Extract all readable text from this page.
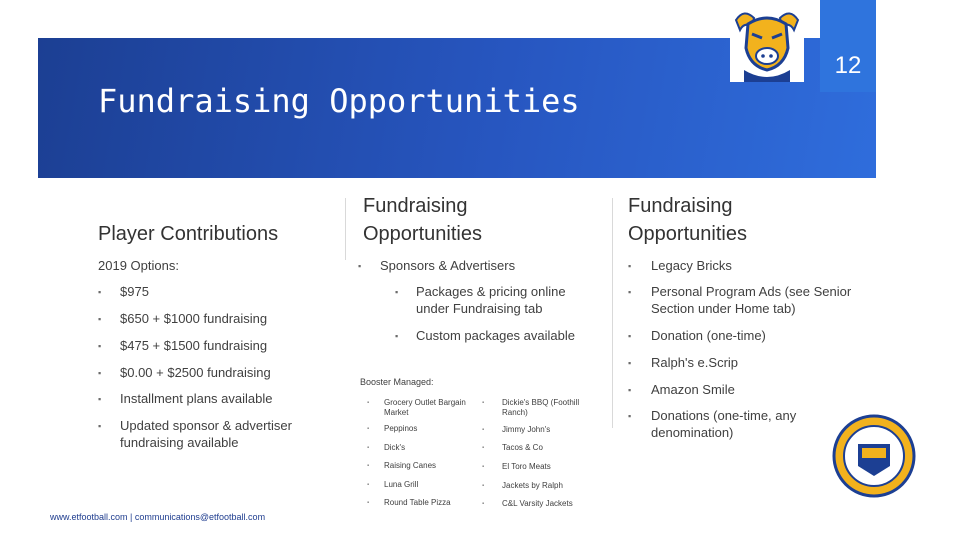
12
Fundraising Opportunities
Player Contributions
2019 Options:
▪ $975
▪ $650 + $1000 fundraising
▪ $475 + $1500 fundraising
▪ $0.00 + $2500 fundraising
▪ Installment plans available
▪ Updated sponsor & advertiser fundraising available
Fundraising Opportunities
▪ Sponsors & Advertisers
▪ Packages & pricing online under Fundraising tab
▪ Custom packages available
Booster Managed:
▪ Grocery Outlet Bargain Market
▪ Peppinos
▪ Dick's
▪ Raising Canes
▪ Luna Grill
▪ Round Table Pizza
▪ Dickie's BBQ (Foothill Ranch)
▪ Jimmy John's
▪ Tacos & Co
▪ El Toro Meats
▪ Jackets by Ralph
▪ C&L Varsity Jackets
Fundraising Opportunities
▪ Legacy Bricks
▪ Personal Program Ads (see Senior Section under Home tab)
▪ Donation (one-time)
▪ Ralph's e.Scrip
▪ Amazon Smile
▪ Donations (one-time, any denomination)
www.etfootball.com | communications@etfootball.com
